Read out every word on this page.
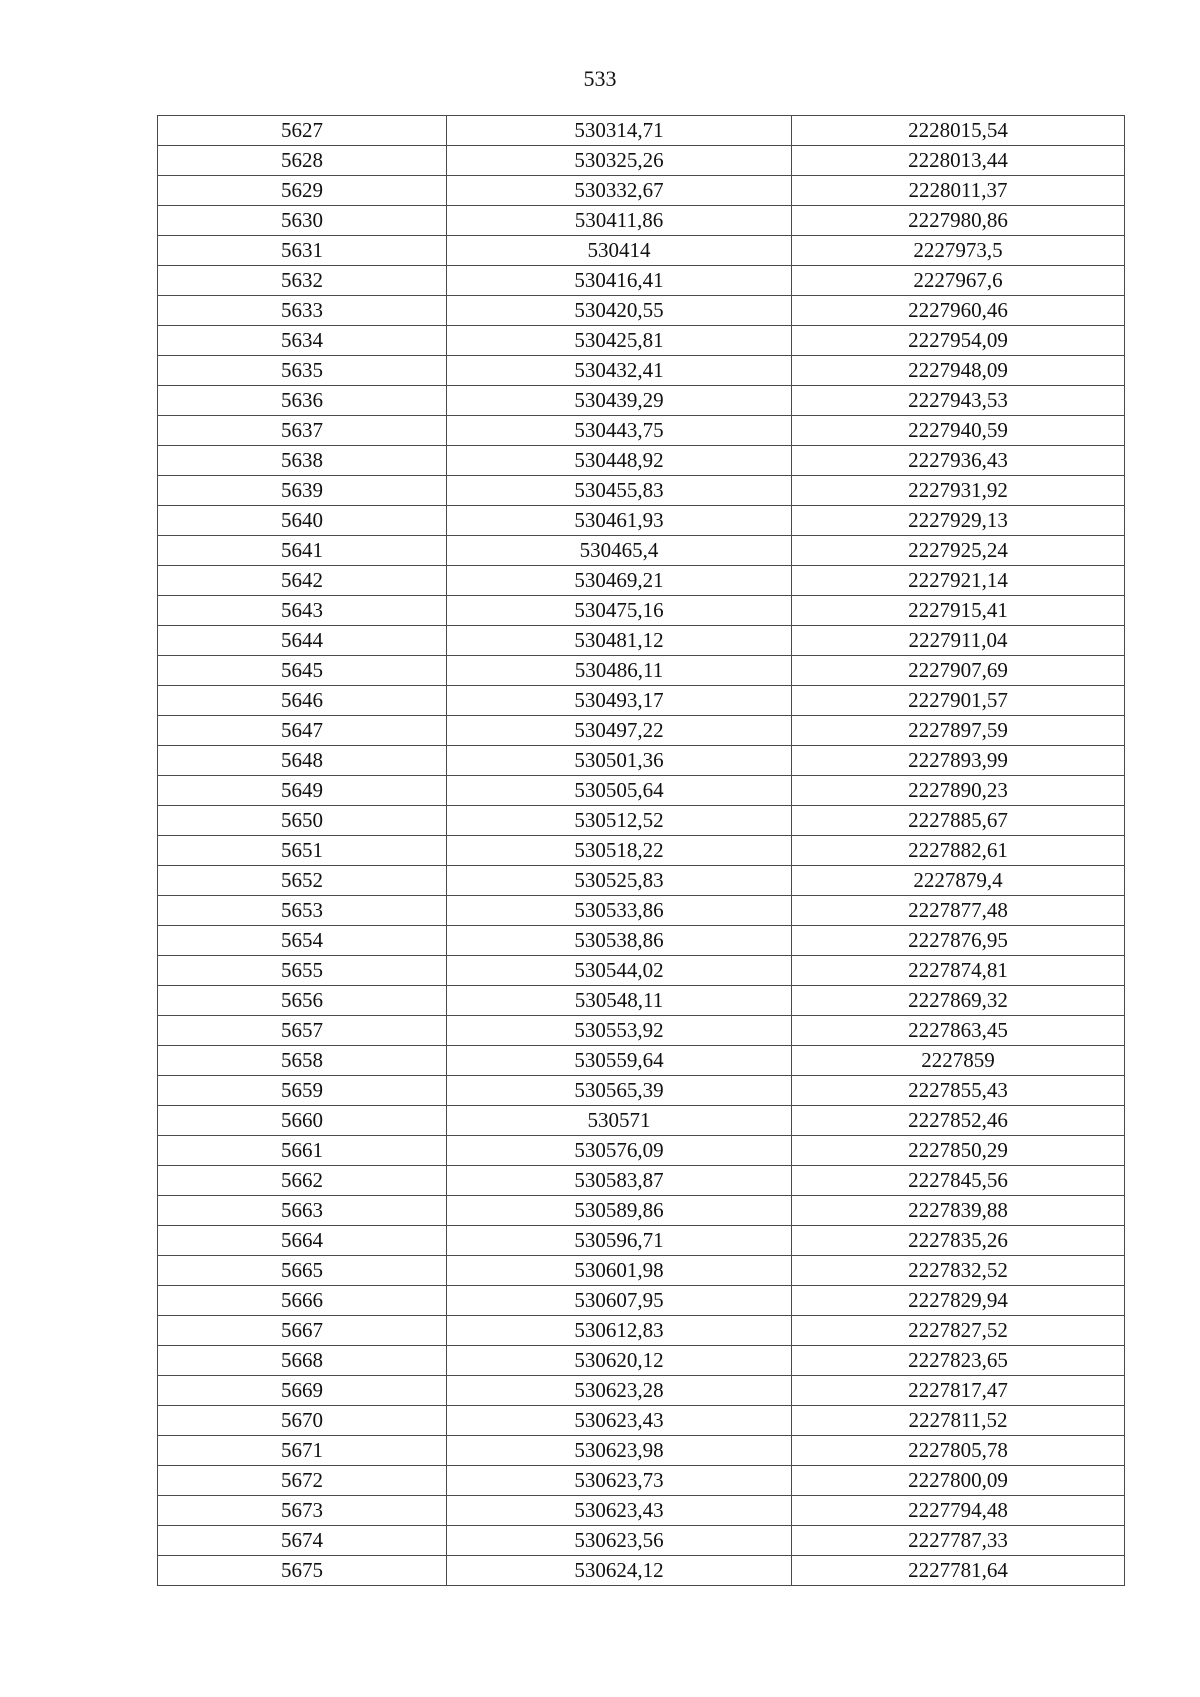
533
5627	530314,71	2228015,54
5628	530325,26	2228013,44
5629	530332,67	2228011,37
5630	530411,86	2227980,86
5631	530414	2227973,5
5632	530416,41	2227967,6
5633	530420,55	2227960,46
5634	530425,81	2227954,09
5635	530432,41	2227948,09
5636	530439,29	2227943,53
5637	530443,75	2227940,59
5638	530448,92	2227936,43
5639	530455,83	2227931,92
5640	530461,93	2227929,13
5641	530465,4	2227925,24
5642	530469,21	2227921,14
5643	530475,16	2227915,41
5644	530481,12	2227911,04
5645	530486,11	2227907,69
5646	530493,17	2227901,57
5647	530497,22	2227897,59
5648	530501,36	2227893,99
5649	530505,64	2227890,23
5650	530512,52	2227885,67
5651	530518,22	2227882,61
5652	530525,83	2227879,4
5653	530533,86	2227877,48
5654	530538,86	2227876,95
5655	530544,02	2227874,81
5656	530548,11	2227869,32
5657	530553,92	2227863,45
5658	530559,64	2227859
5659	530565,39	2227855,43
5660	530571	2227852,46
5661	530576,09	2227850,29
5662	530583,87	2227845,56
5663	530589,86	2227839,88
5664	530596,71	2227835,26
5665	530601,98	2227832,52
5666	530607,95	2227829,94
5667	530612,83	2227827,52
5668	530620,12	2227823,65
5669	530623,28	2227817,47
5670	530623,43	2227811,52
5671	530623,98	2227805,78
5672	530623,73	2227800,09
5673	530623,43	2227794,48
5674	530623,56	2227787,33
5675	530624,12	2227781,64
